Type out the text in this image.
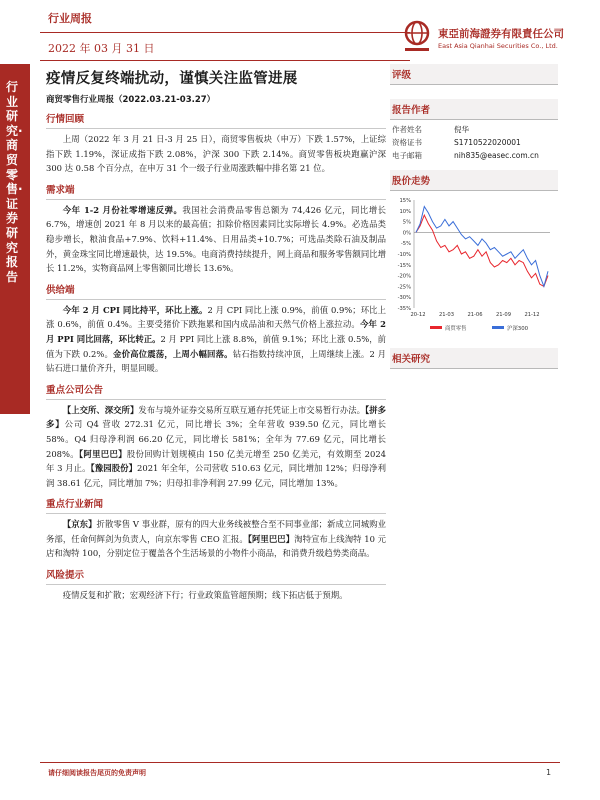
行业周报
2022 年 03 月 31 日
東亞前海證券有限責任公司
East Asia Qianhai Securities Co., Ltd.
行业研究·商贸零售·证券研究报告
疫情反复终端扰动，谨慎关注监管进展
商贸零售行业周报（2022.03.21-03.27）
行情回顾

上周（2022 年 3 月 21 日-3 月 25 日），商贸零售板块（申万）下跌 1.57%，上证综指下跌 1.19%，深证成指下跌 2.08%，沪深 300 下跌 2.14%。商贸零售板块跑赢沪深 300 达 0.58 个百分点，在申万 31 个一级子行业周涨跌幅中排名第 21 位。

需求端

今年 1-2 月份社零增速反弹。我国社会消费品零售总额为 74,426 亿元，同比增长 6.7%，增速创 2021 年 8 月以来的最高值；扣除价格因素同比实际增长 4.9%。必选品类稳步增长，粮油食品+7.9%、饮料+11.4%、日用品类+10.7%；可选品类除石油及制品外，黄金珠宝同比增速最快，达 19.5%。电商消费持续提升，网上商品和服务零售额同比增长 11.2%，实物商品网上零售额同比增长 13.6%。

供给端

今年 2 月 CPI 同比持平，环比上涨。2 月 CPI 同比上涨 0.9%，前值 0.9%；环比上涨 0.6%，前值 0.4%。主要受猪价下跌拖累和国内成品油和天然气价格上涨拉动。今年 2 月 PPI 同比回落，环比转正。2 月 PPI 同比上涨 8.8%，前值 9.1%；环比上涨 0.5%，前值为下跌 0.2%。金价高位震荡，上周小幅回落。钻石指数持续冲顶，上周继续上涨。2 月钻石进口量价齐升，明显回暖。

重点公司公告

【上交所、深交所】发布与境外证券交易所互联互通存托凭证上市交易暂行办法。【拼多多】公司 Q4 营收 272.31 亿元，同比增长 3%；全年营收 939.50 亿元，同比增长 58%。Q4 归母净利润 66.20 亿元，同比增长 581%；全年为 77.69 亿元，同比增长 208%。【阿里巴巴】股份回购计划规模由 150 亿美元增至 250 亿美元，有效期至 2024 年 3 月止。【豫园股份】2021 年全年，公司营收 510.63 亿元，同比增加 12%；归母净利润 38.61 亿元，同比增加 7%；归母扣非净利润 27.99 亿元，同比增加 13%。

重点行业新闻

【京东】折散零售 V 事业群，原有的四大业务线被整合至不同事业部；新成立同城购业务部，任命何辉剑为负责人，向京东零售 CEO 汇报。【阿里巴巴】淘特宣布上线淘特 10 元店和淘特 100，分别定位于覆盖各个生活场景的小物件小商品，和消费升级趋势类商品。

风险提示

疫情反复和扩散；宏观经济下行；行业政策监管超预期；线下拓店低于预期。

评级
报告作者
作者姓名	倪华
资格证书	S1710522020001
电子邮箱	nih835@easec.com.cn
股价走势
15%
10%
5%
0%
-5%
-10%
-15%
-20%
-25%
-30%
-35%
20-12	21-03	21-06	21-09	21-12
商贸零售	沪深300
相关研究
请仔细阅读报告尾页的免责声明	1
